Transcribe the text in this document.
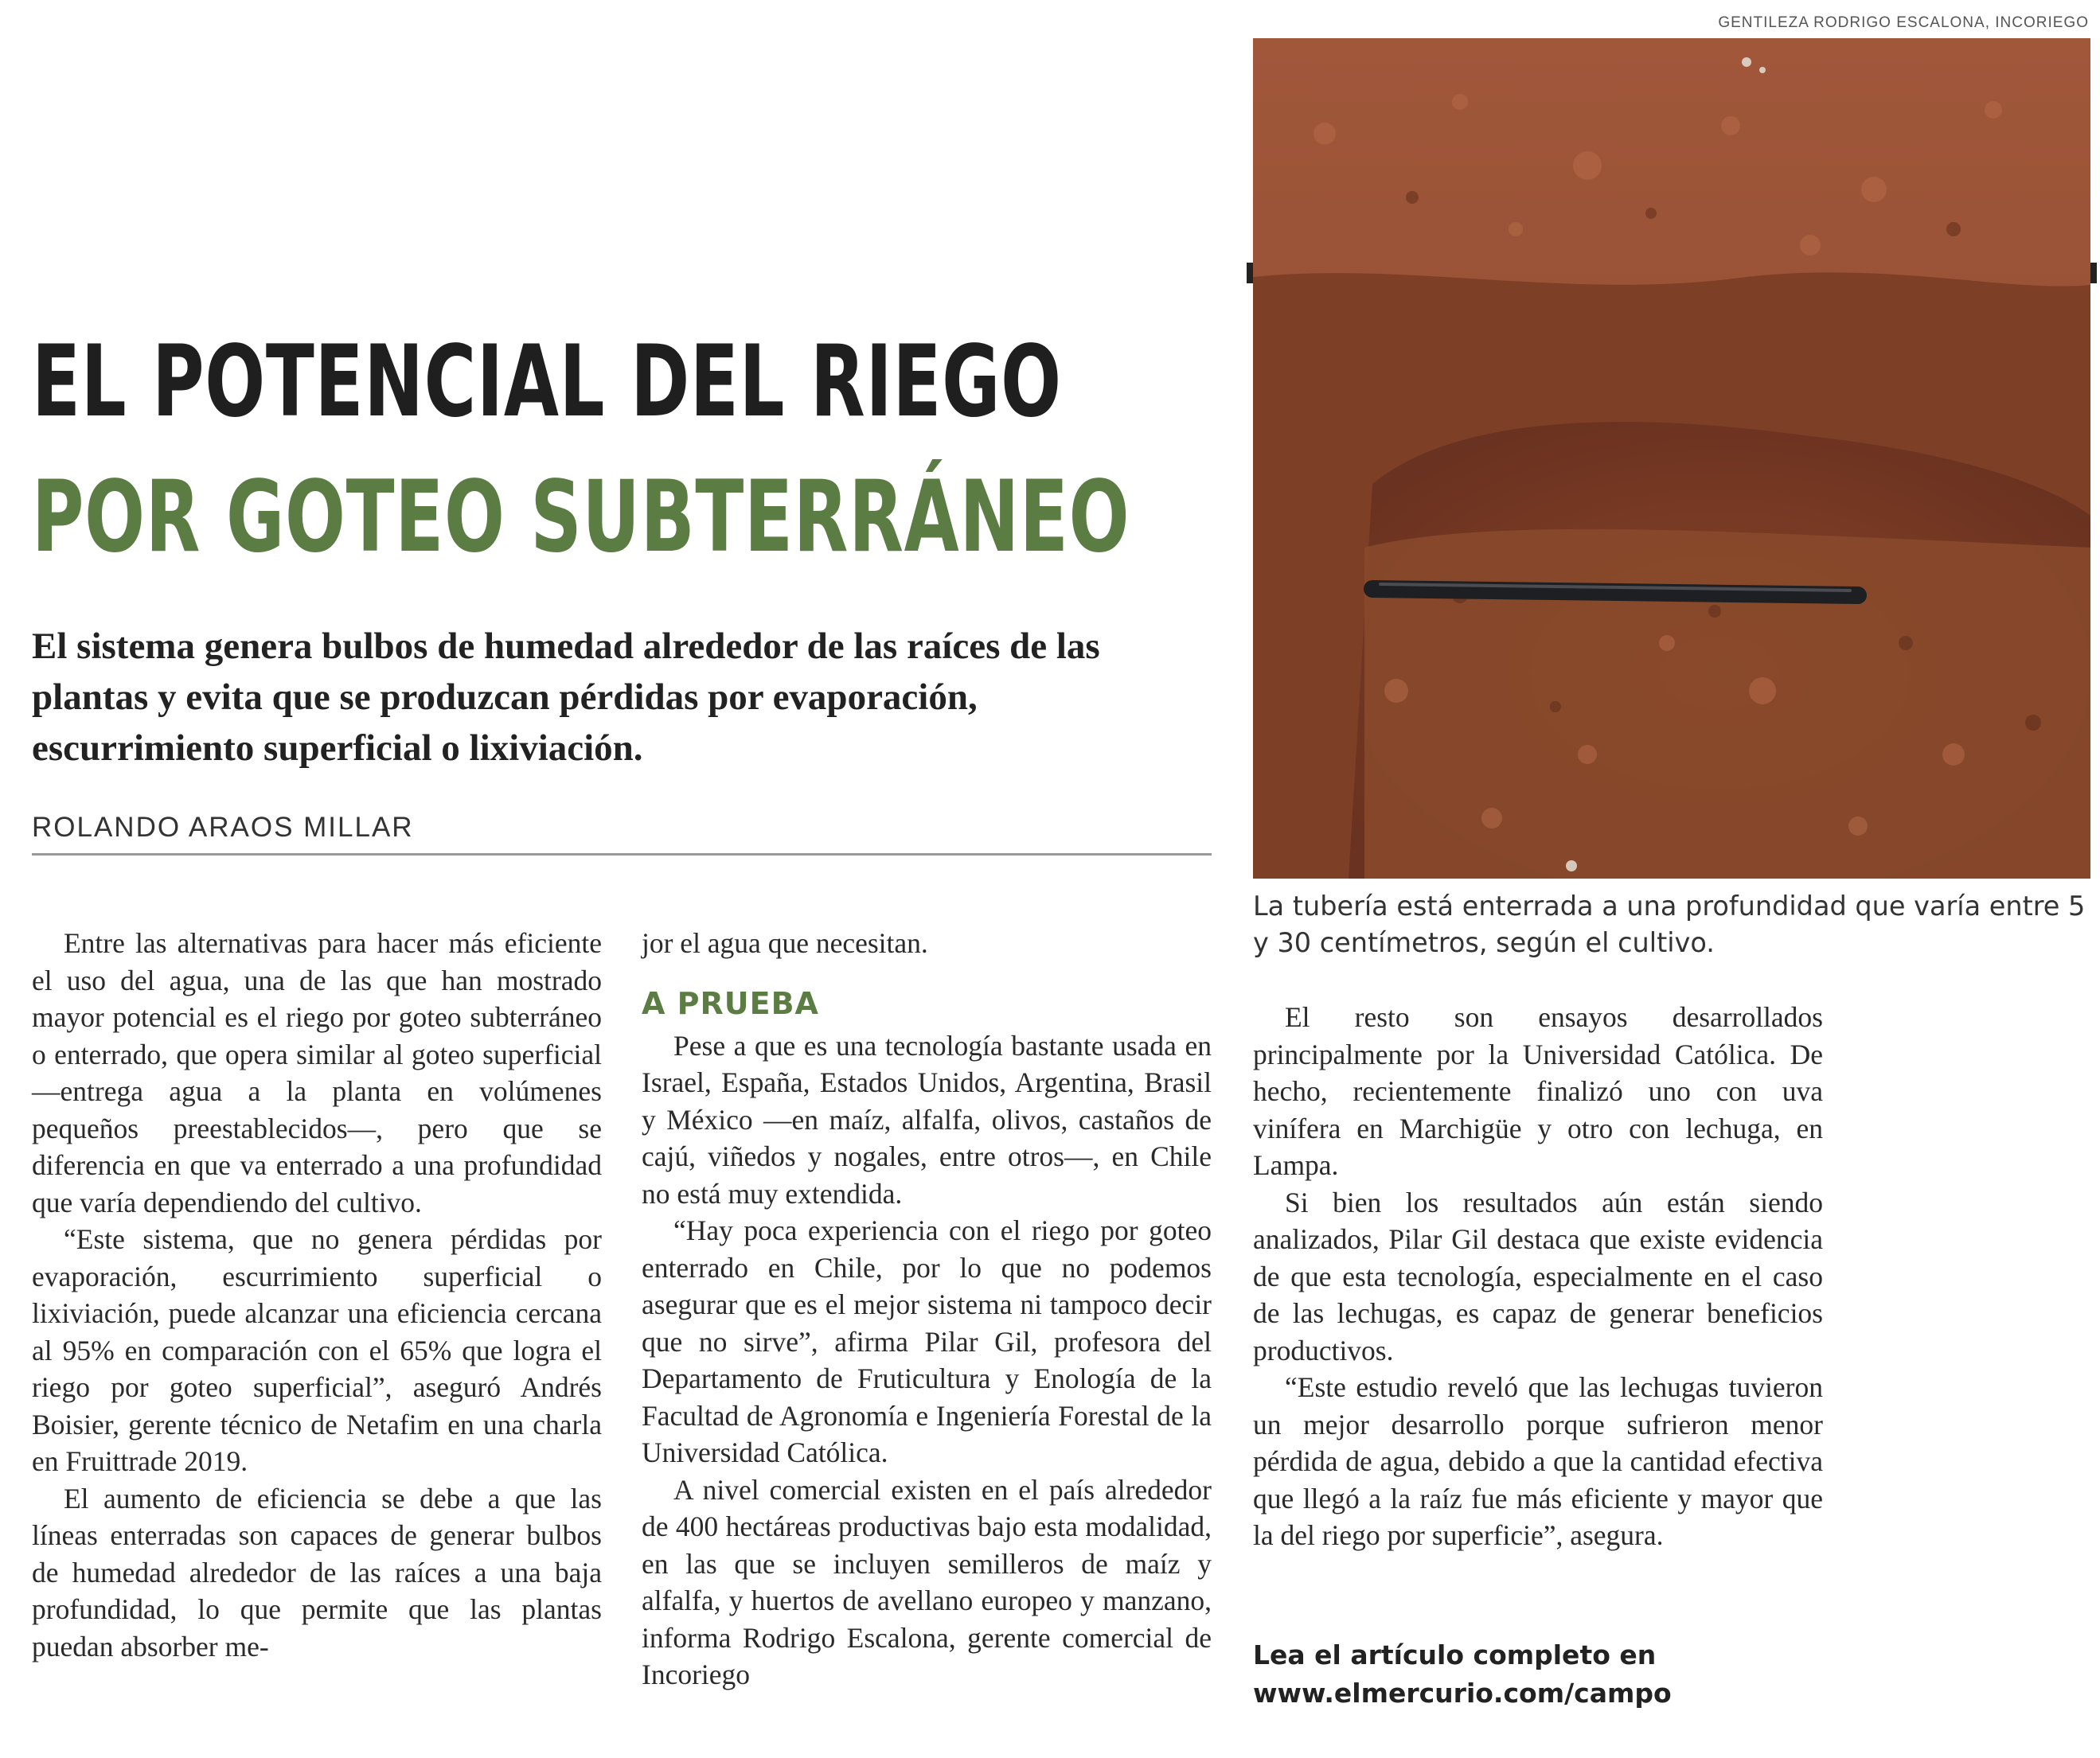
GENTILEZA RODRIGO ESCALONA, INCORIEGO
EL POTENCIAL DEL RIEGO
POR GOTEO SUBTERRÁNEO

El sistema genera bulbos de humedad alrededor de las raíces de las plantas y evita que se produzcan pérdidas por evaporación, escurrimiento superficial o lixiviación.

ROLANDO ARAOS MILLAR

Entre las alternativas para hacer más eficiente el uso del agua, una de las que han mostrado mayor potencial es el riego por goteo subterráneo o enterrado, que opera similar al goteo superficial —entrega agua a la planta en volúmenes pequeños preestablecidos—, pero que se diferencia en que va enterrado a una profundidad que varía dependiendo del cultivo.

“Este sistema, que no genera pérdidas por evaporación, escurrimiento superficial o lixiviación, puede alcanzar una eficiencia cercana al 95% en comparación con el 65% que logra el riego por goteo superficial”, aseguró Andrés Boisier, gerente técnico de Netafim en una charla en Fruittrade 2019.

El aumento de eficiencia se debe a que las líneas enterradas son capaces de generar bulbos de humedad alrededor de las raíces a una baja profundidad, lo que permite que las plantas puedan absorber me-

jor el agua que necesitan.

A PRUEBA

Pese a que es una tecnología bastante usada en Israel, España, Estados Unidos, Argentina, Brasil y México —en maíz, alfalfa, olivos, castaños de cajú, viñedos y nogales, entre otros—, en Chile no está muy extendida.

“Hay poca experiencia con el riego por goteo enterrado en Chile, por lo que no podemos asegurar que es el mejor sistema ni tampoco decir que no sirve”, afirma Pilar Gil, profesora del Departamento de Fruticultura y Enología de la Facultad de Agronomía e Ingeniería Forestal de la Universidad Católica.

A nivel comercial existen en el país alrededor de 400 hectáreas productivas bajo esta modalidad, en las que se incluyen semilleros de maíz y alfalfa, y huertos de avellano europeo y manzano, informa Rodrigo Escalona, gerente comercial de Incoriego

La tubería está enterrada a una profundidad que varía entre 5 y 30 centímetros, según el cultivo.

El resto son ensayos desarrollados principalmente por la Universidad Católica. De hecho, recientemente finalizó uno con uva vinífera en Marchigüe y otro con lechuga, en Lampa.

Si bien los resultados aún están siendo analizados, Pilar Gil destaca que existe evidencia de que esta tecnología, especialmente en el caso de las lechugas, es capaz de generar beneficios productivos.

“Este estudio reveló que las lechugas tuvieron un mejor desarrollo porque sufrieron menor pérdida de agua, debido a que la cantidad efectiva que llegó a la raíz fue más eficiente y mayor que la del riego por superficie”, asegura.

Lea el artículo completo en
www.elmercurio.com/campo
